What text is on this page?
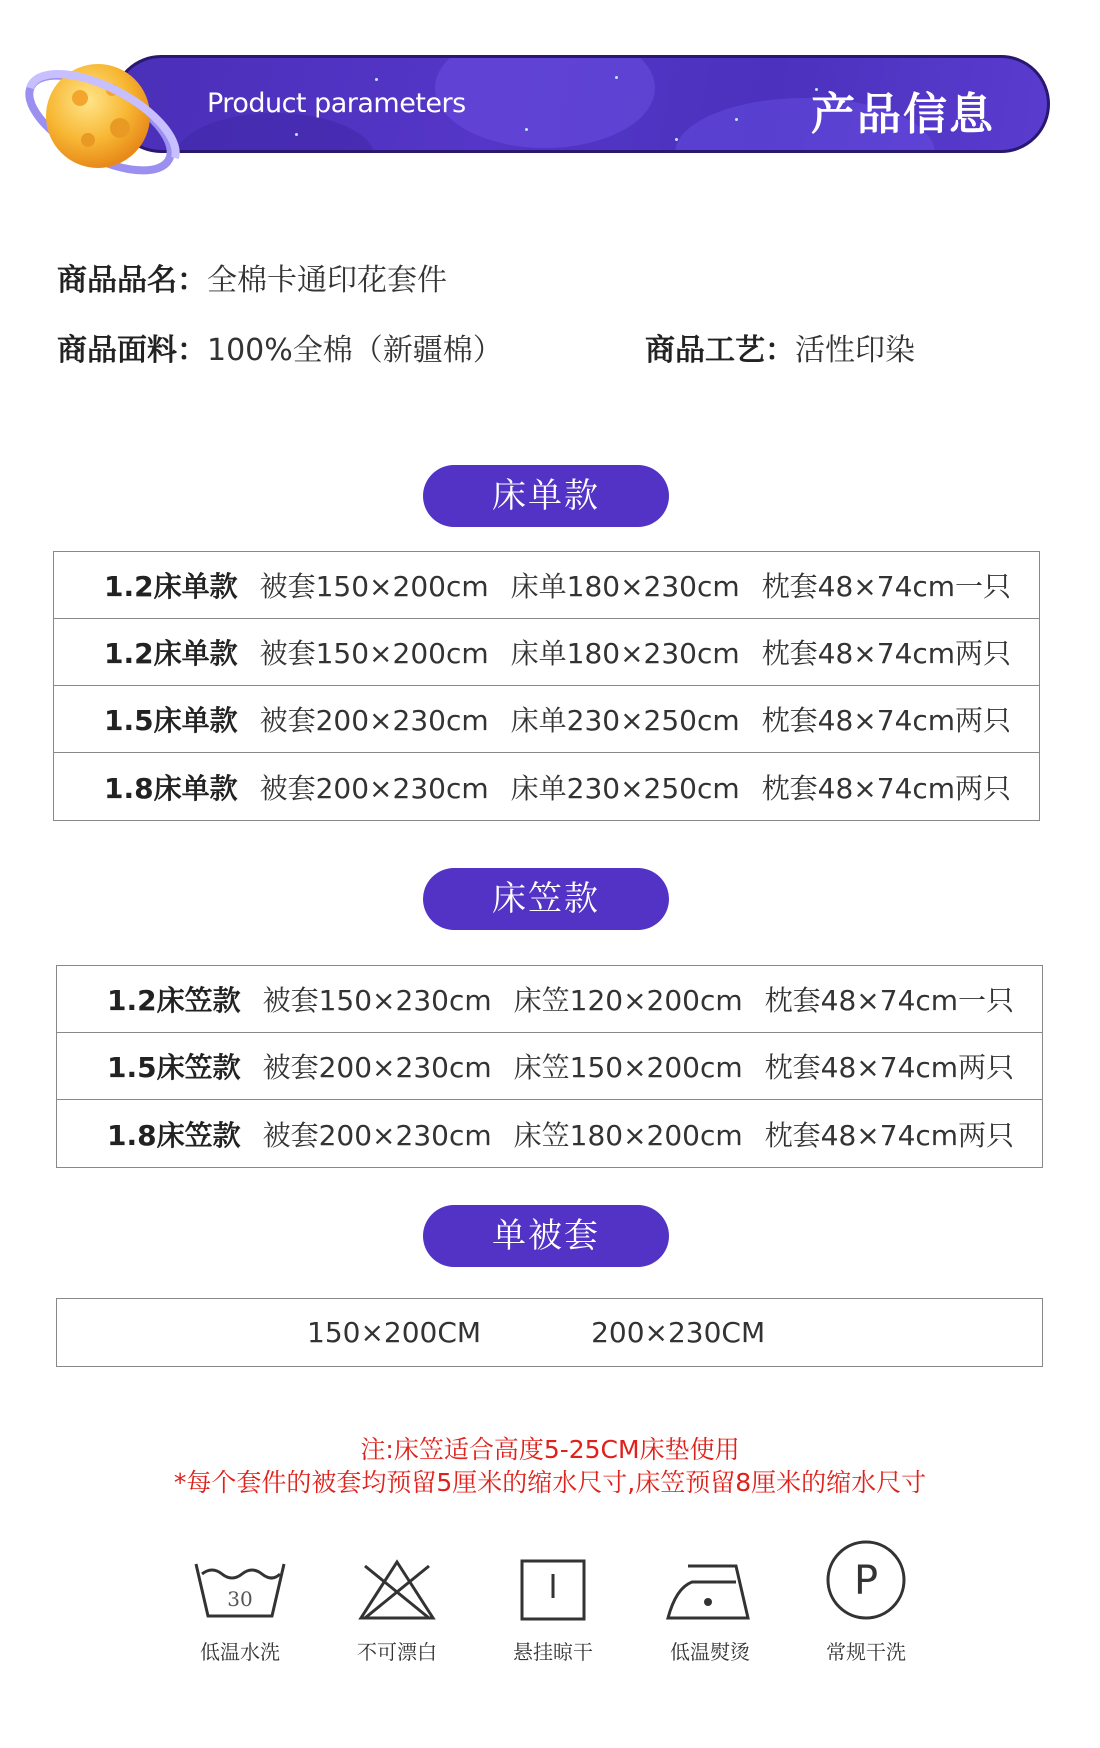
Product parameters	产品信息
商品品名：全棉卡通印花套件
商品面料：100%全棉（新疆棉）	商品工艺：活性印染
床单款
1.2床单款 被套150×200cm 床单180×230cm 枕套48×74cm一只
1.2床单款 被套150×200cm 床单180×230cm 枕套48×74cm两只
1.5床单款 被套200×230cm 床单230×250cm 枕套48×74cm两只
1.8床单款 被套200×230cm 床单230×250cm 枕套48×74cm两只
床笠款
1.2床笠款 被套150×230cm 床笠120×200cm 枕套48×74cm一只
1.5床笠款 被套200×230cm 床笠150×200cm 枕套48×74cm两只
1.8床笠款 被套200×230cm 床笠180×200cm 枕套48×74cm两只
单被套
150×200CM	200×230CM
注:床笠适合高度5-25CM床垫使用
*每个套件的被套均预留5厘米的缩水尺寸,床笠预留8厘米的缩水尺寸
30
低温水洗	不可漂白	悬挂晾干	低温熨烫
P
常规干洗
